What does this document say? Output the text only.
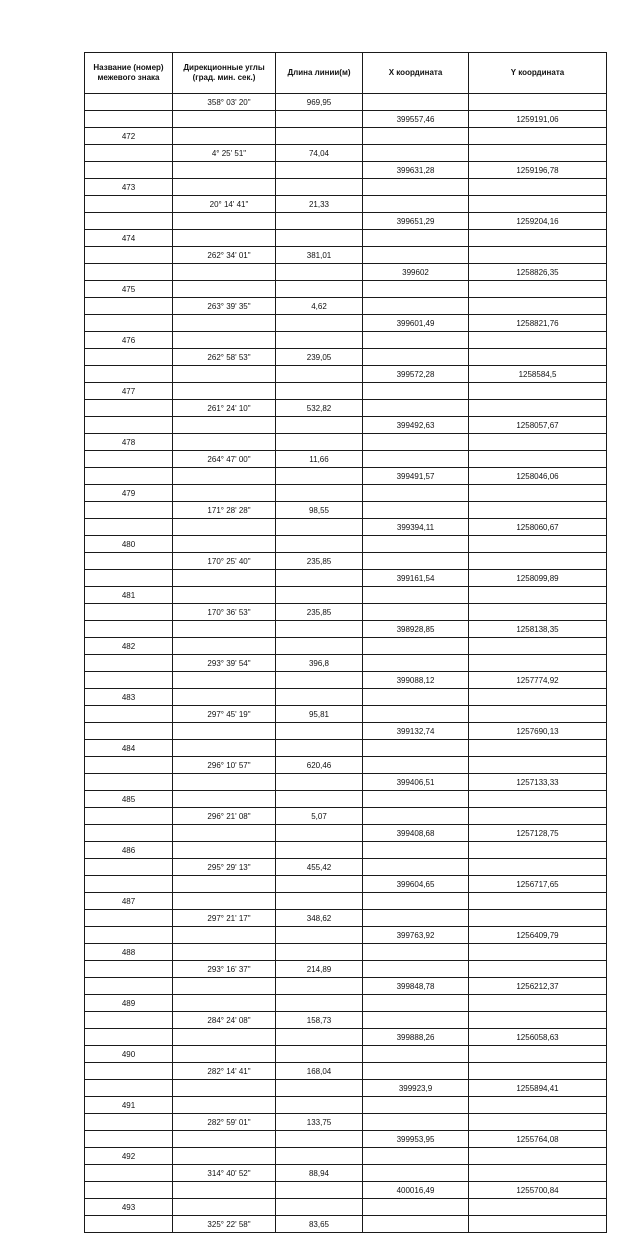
Название (номер) межевого знака	Дирекционные углы (град. мин. сек.)	Длина линии(м)	X координата	Y координата
	358° 03' 20"	969,95		
			399557,46	1259191,06
472				
	4° 25' 51"	74,04		
			399631,28	1259196,78
473				
	20° 14' 41"	21,33		
			399651,29	1259204,16
474				
	262° 34' 01"	381,01		
			399602	1258826,35
475				
	263° 39' 35"	4,62		
			399601,49	1258821,76
476				
	262° 58' 53"	239,05		
			399572,28	1258584,5
477				
	261° 24' 10"	532,82		
			399492,63	1258057,67
478				
	264° 47' 00"	11,66		
			399491,57	1258046,06
479				
	171° 28' 28"	98,55		
			399394,11	1258060,67
480				
	170° 25' 40"	235,85		
			399161,54	1258099,89
481				
	170° 36' 53"	235,85		
			398928,85	1258138,35
482				
	293° 39' 54"	396,8		
			399088,12	1257774,92
483				
	297° 45' 19"	95,81		
			399132,74	1257690,13
484				
	296° 10' 57"	620,46		
			399406,51	1257133,33
485				
	296° 21' 08"	5,07		
			399408,68	1257128,75
486				
	295° 29' 13"	455,42		
			399604,65	1256717,65
487				
	297° 21' 17"	348,62		
			399763,92	1256409,79
488				
	293° 16' 37"	214,89		
			399848,78	1256212,37
489				
	284° 24' 08"	158,73		
			399888,26	1256058,63
490				
	282° 14' 41"	168,04		
			399923,9	1255894,41
491				
	282° 59' 01"	133,75		
			399953,95	1255764,08
492				
	314° 40' 52"	88,94		
			400016,49	1255700,84
493				
	325° 22' 58"	83,65		
